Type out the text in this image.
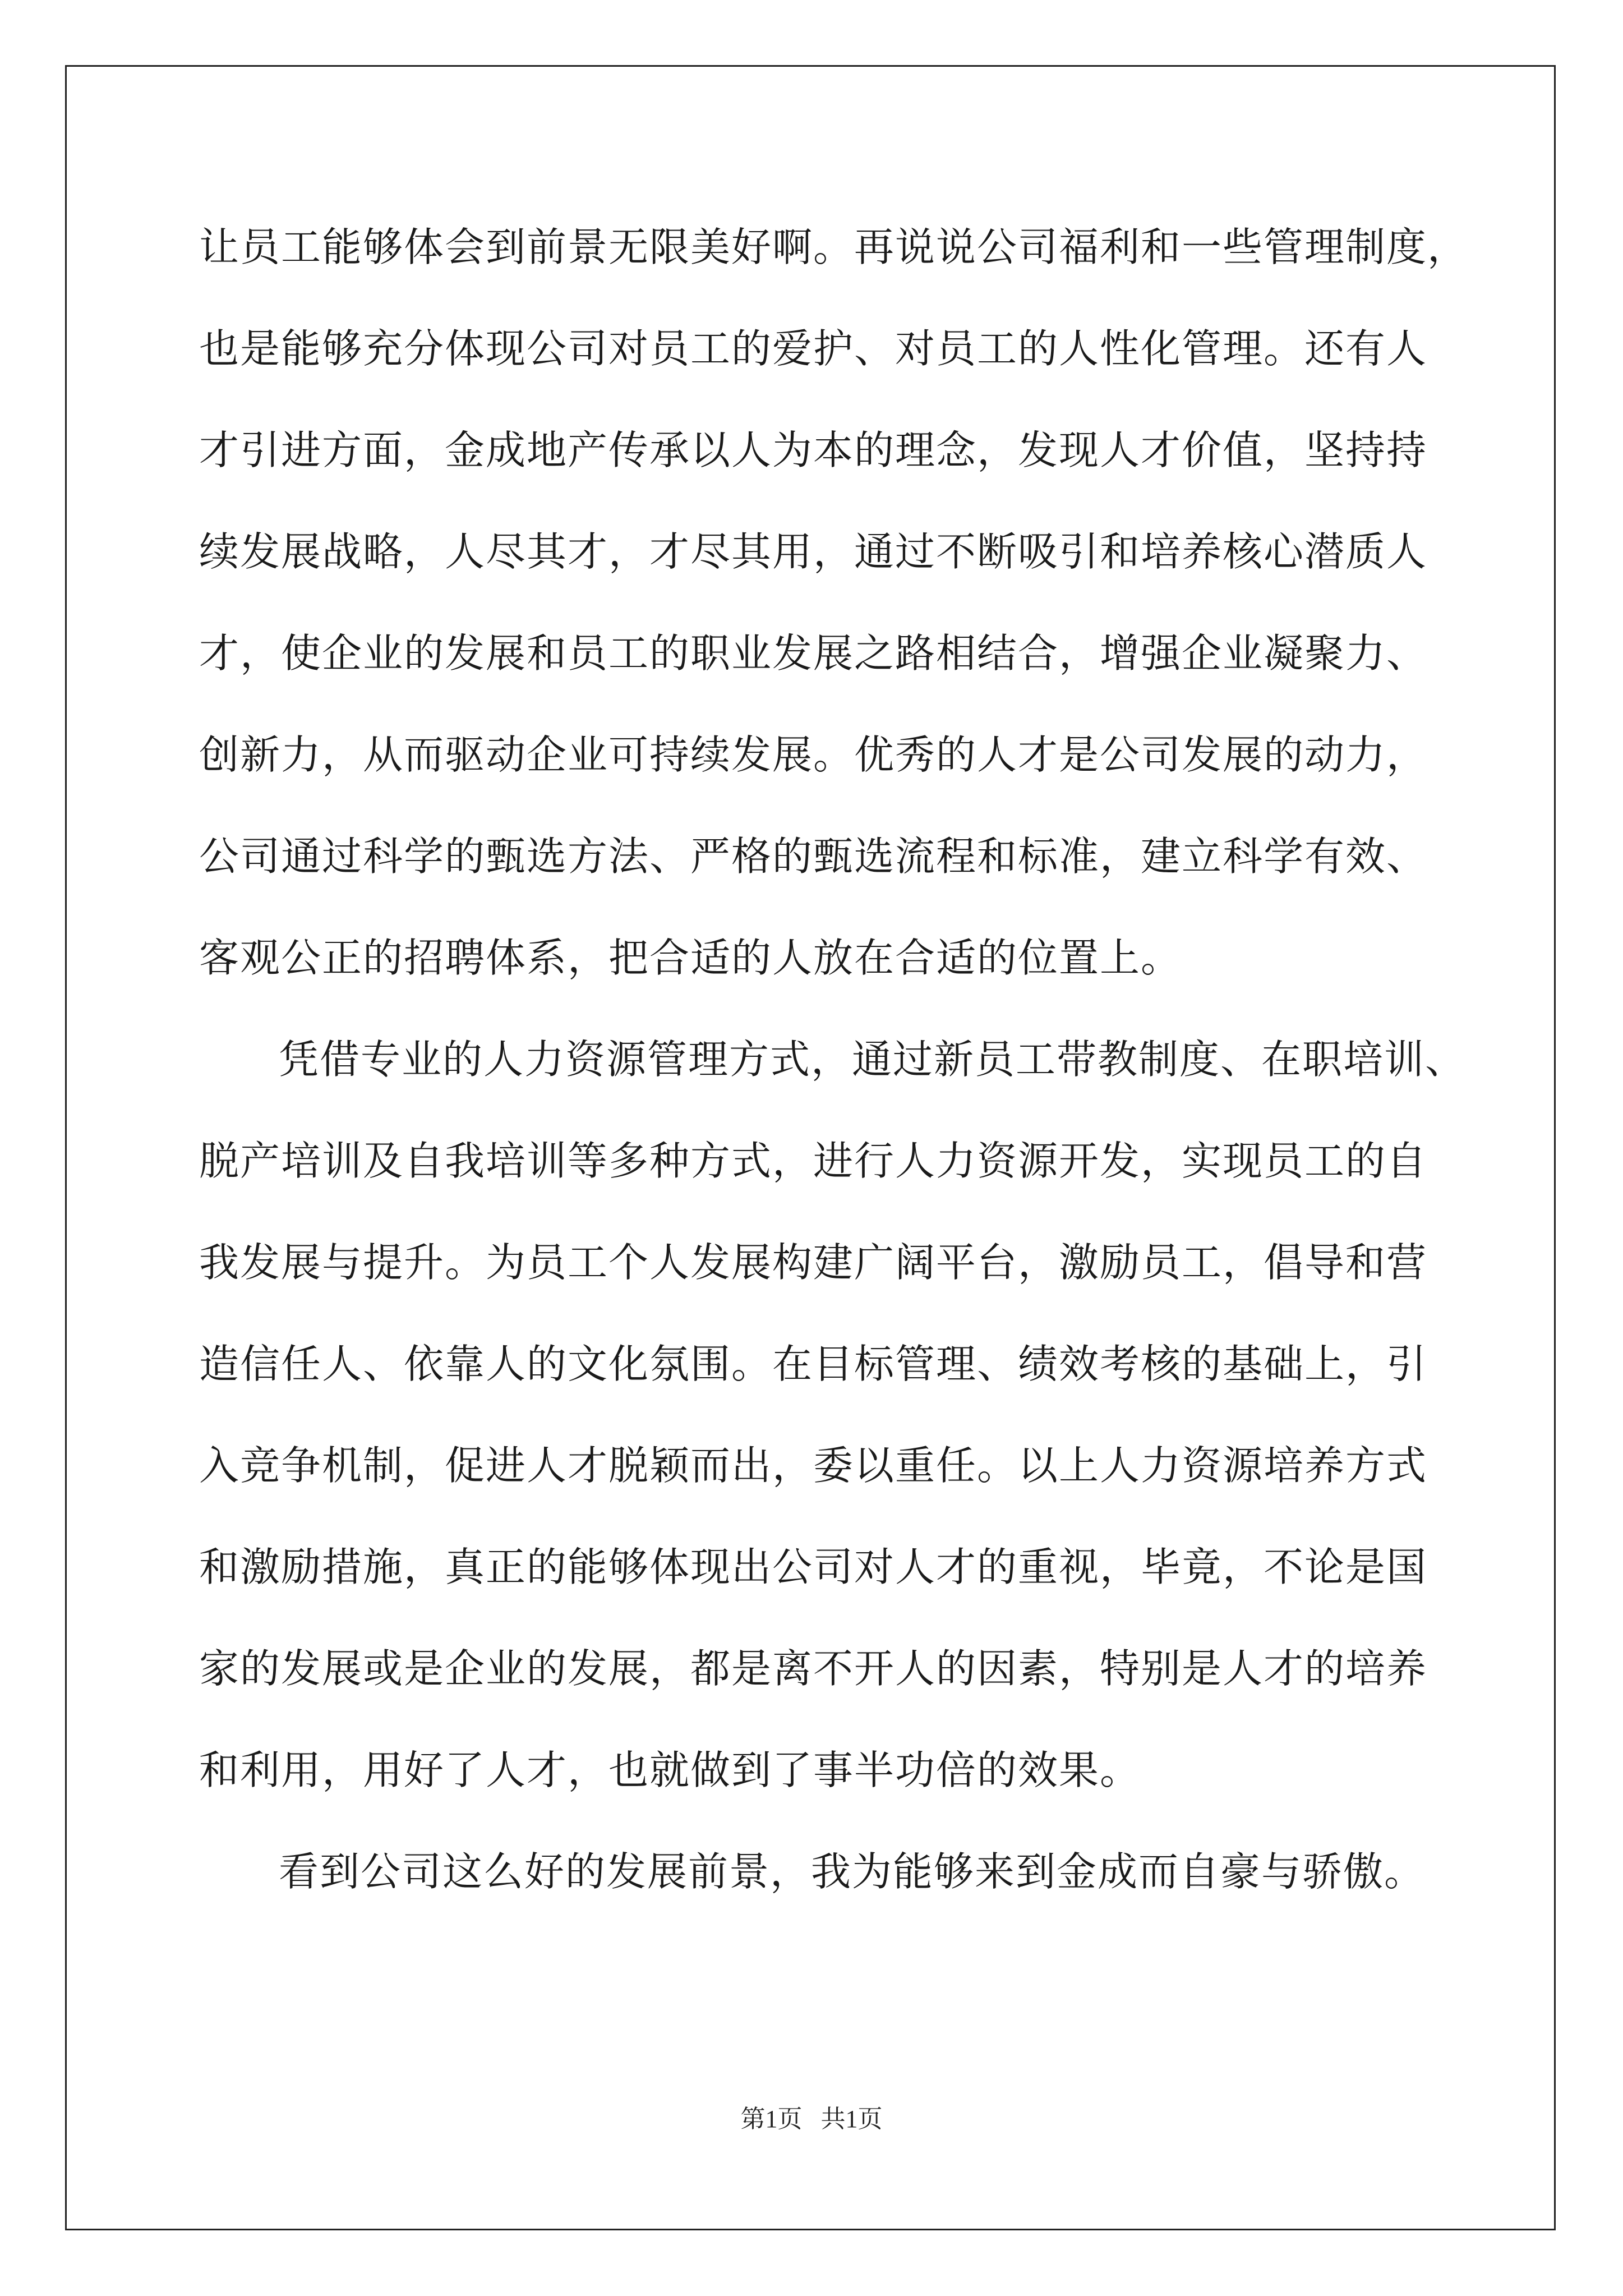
让员工能够体会到前景无限美好啊。再说说公司福利和一些管理制度，
也是能够充分体现公司对员工的爱护、对员工的人性化管理。还有人
才引进方面，金成地产传承以人为本的理念，发现人才价值，坚持持
续发展战略，人尽其才，才尽其用，通过不断吸引和培养核心潜质人
才，使企业的发展和员工的职业发展之路相结合，增强企业凝聚力、
创新力，从而驱动企业可持续发展。优秀的人才是公司发展的动力，
公司通过科学的甄选方法、严格的甄选流程和标准，建立科学有效、
客观公正的招聘体系，把合适的人放在合适的位置上。
凭借专业的人力资源管理方式，通过新员工带教制度、在职培训、
脱产培训及自我培训等多种方式，进行人力资源开发，实现员工的自
我发展与提升。为员工个人发展构建广阔平台，激励员工，倡导和营
造信任人、依靠人的文化氛围。在目标管理、绩效考核的基础上，引
入竞争机制，促进人才脱颖而出，委以重任。以上人力资源培养方式
和激励措施，真正的能够体现出公司对人才的重视，毕竟，不论是国
家的发展或是企业的发展，都是离不开人的因素，特别是人才的培养
和利用，用好了人才，也就做到了事半功倍的效果。
看到公司这么好的发展前景，我为能够来到金成而自豪与骄傲。
第1页 共1页
